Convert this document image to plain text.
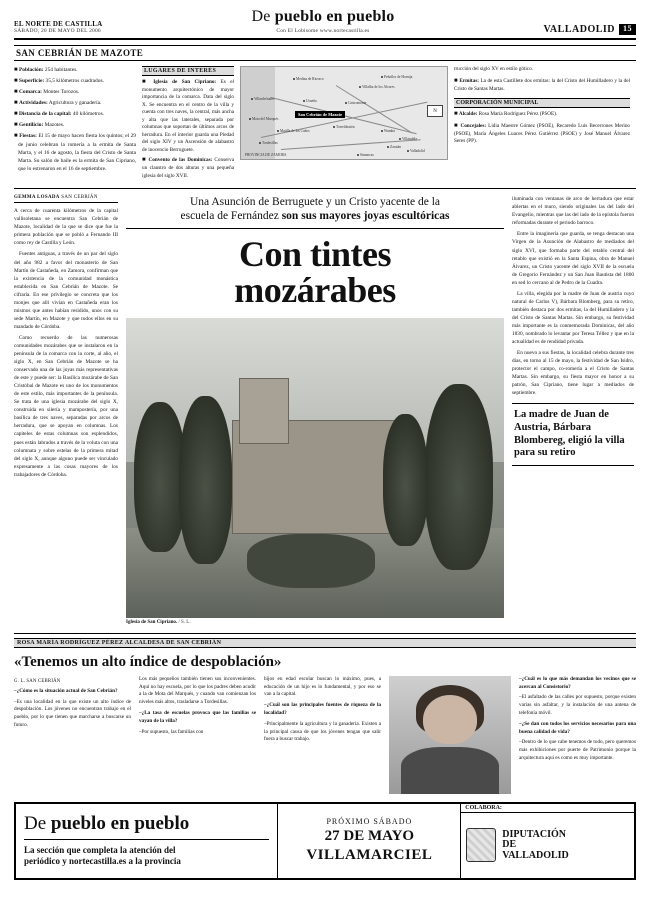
EL NORTE DE CASTILLA
SÁBADO, 20 DE MAYO DEL 2006
De pueblo en pueblo
Con El Lobisome www.nortecastilla.es	VALLADOLID	15
SAN CEBRIÁN DE MAZOTE
■ Población: 254 habitantes.
■ Superficie: 35,5 kilómetros cuadrados.
■ Comarca: Montes Torozos.
■ Actividades: Agricultura y ganadería.
■ Distancia de la capital: 40 kilómetros.
■ Gentilicio: Mazotes.
■ Fiestas: El 15 de mayo hacen fiesta los quintos; el 29 de junio celebran la romería a la ermita de Santa Marta, y el 16 de agosto, la fiesta del Cristo de Santa Marta. Su salón de baile es la ermita de San Cipriano, que lo estrenaron en el 16 de septiembre.
LUGARES DE INTERÉS
■ Iglesia de San Cipriano: Es el monumento arquitectónico de mayor importancia de la comarca. Data del siglo X. Se encuentra en el centro de la villa y cuenta con tres naves, la central, más ancha y alta que las laterales, separada por columnas que soportan de últimos arcos de herradura. En el interior guarda una Piedad del siglo XIV y un Ascensión de alabastro de inocencio Berruguete.
■ Convento de las Dominicas: Conserva un claustro de dos alturas y una pequeña iglesia del siglo XVII.
San Cebrián de Mazote
Tordesillas
Medina de Rioseco
Villalba de los Alcores
Mota del Marqués
Villardefrades	Urueña
Torrelobatón
Peñaflor de Hornija
Castromonte
Wamba
Villanubla
Valladolid
Zaratán
Simancas
Matilla de los Caños
PROVINCIA DE ZAMORA
N

trucción del siglo XV en estilo gótico.

■ Ermitas: La de esta Castillete dos ermitas: la del Cristo del Humilladero y la del Cristo de Santas Martas.

CORPORACIÓN MUNICIPAL

■ Alcalde: Rosa María Rodríguez Pérez (PSOE).

■ Concejales: Lidia Maestre Gómez (PSOE), Recaredo Luis Becerrones Merino (PSOE), María Ángeles Luaces Pérez Gutiérrez (PSOE) y José Manuel Álvarez Seres (PP).

GEMMA LOSADA SAN CEBRIÁN

A cerca de cuarenta kilómetros de la capital vallisoletana se encuentra San Cebrián de Mazote, localidad de la que se dice que fue la primera población que se pobló a Fernando III como rey de Castilla y León.

Fuentes antiguas, a través de un par del siglo del año 982 a favor del monasterio de San Martín de Castañeda, en Zamora, confirman que la existencia de la comunidad monástica establecida en San Cebrián de Mazote. Se cifraría. En ese privilegio se concreta que los monjes que allí vivían en Castañeda eran los mismos que antes habían residido, unos con su sede Martín, en Mazote y que todos ellos en su mandado de Córdoba.

Como recuerdo de las numerosas comunidades mozárabes que se instalaron en la península de la comarca con la corte, al año, el siglo X, en San Cebrián de Mazote se ha conservado una de las joyas más representativas de este y puede ser: la Basílica mozárabe de San Cristóbal de Mazote es uno de los monumentos de este estilo, más importantes de la península. Se trata de una iglesia mozárabe del siglo X, construida en silería y mampostería, por una basílica de tres naves, separadas por arcos de herradura, que se apoyan en columnas. Los capiteles de estas columnas son esplendidos, pues están labrados a través de la voluta con una columnata y sobre estelas de la primera mitad del siglo X, aunque alguno puede ser vinculado expresamente a las cosas mayores de los trabajadores de Córdoba.

Una Asunción de Berruguete y un Cristo yacente de la
escuela de Fernández son sus mayores joyas escultóricas
Con tintes
mozárabes
Iglesia de San Cipriano. / S. L.

iluminada con ventanas de arco de herradura que estar abiertas en el muro, siendo originales las del lado del Evangelio, mientras que las del lado de la epístola fueron reformadas durante el periodo barroco.

Entre la imaginería que guarda, se tenga destacan una Virgen de la Asunción de Alabastro de mediados del siglo XVI, que formaba parte del retablo central del retablo que existió en la Santa Espina, obra de Manuel Álvarez, un Cristo yacente del siglo XVII de la escuela de Gregorio Fernández y un San Juan Bautista del 1800 en sed lo cercano al de Pedro de la Cuadra.

La villa, elegida por la madre de Juan de austria cuyo natural de Carlos V), Bárbara Blomberg, para su retiro, también destaca por dos ermitas, la del Humilladero y la del Cristo de Santas Martas. Sin embargo, su festividad más importante es la conmemorada Dominicas, del año 1830, nombrado lo levantar por Teresa Téllez y que en la actualidad es de rendidad privada.

En nuevo a sus fiestas, la localidad celebra durante tres días, en torno al 15 de mayo, la festividad de San Isidro, protector el campo, co-romería a el Cristo de Santas Martas. Sin embargo, su fiesta mayor en honor a su patrón, San Cipriano, tiene lugar a mediados de septiembre.

La madre de Juan de Austria, Bárbara Blombereg, eligió la villa para su retiro
ROSA MARÍA RODRÍGUEZ PÉREZ ALCALDESA DE SAN CEBRIÁN
«Tenemos un alto índice de despoblación»
G. L. SAN CEBRIÁN

–¿Cómo es la situación actual de San Cebrián?

–Es una localidad en la que existe un alto índice de despoblación. Los jóvenes no encuentran trabajo en el pueblo, por lo que tienen que marcharse a buscarse un futuro.

Los más pequeños también tienen sus inconvenientes. Aquí no hay escuela, por lo que los padres deben acudir a la de Mota del Marqués, y cuando van comienzan los niveles más altos, trasladarse a Tordesillas.

–¿La tasa de escuelas provoca que las familias se vayan de la villa?

–Por supuesto, las familias con

hijos en edad escolar buscan lo máximo, pues, a educación de un hijo es lo fundamental, y por eso se van a la capital.

–¿Cuál son las principales fuentes de riqueza de la localidad?

–Principalmente la agricultura y la ganadería. Existen a la principal causa de que los jóvenes tengan que salir fuera a buscar trabajo.

–¿Cuál es lo que más demandan los vecinos que se acercan al Consistorio?

–El asfaltado de las calles por supuesto, porque existen varias sin asfaltar, y la instalación de una antena de telefonía móvil.

–¿Se dan con todos los servicios necesarios para una buena calidad de vida?

–Dentro de lo que cabe tenemos de todo, pero queremos más exhibiciones por puerte de Patrimonio porque la arquitectura aquí es como es muy importante.

De pueblo en pueblo
La sección que completa la atención del
periódico y nortecastilla.es a la provincia
PRÓXIMO SÁBADO
27 DE MAYO
VILLAMARCIEL
COLABORA:
DIPUTACIÓN
DE
VALLADOLID
